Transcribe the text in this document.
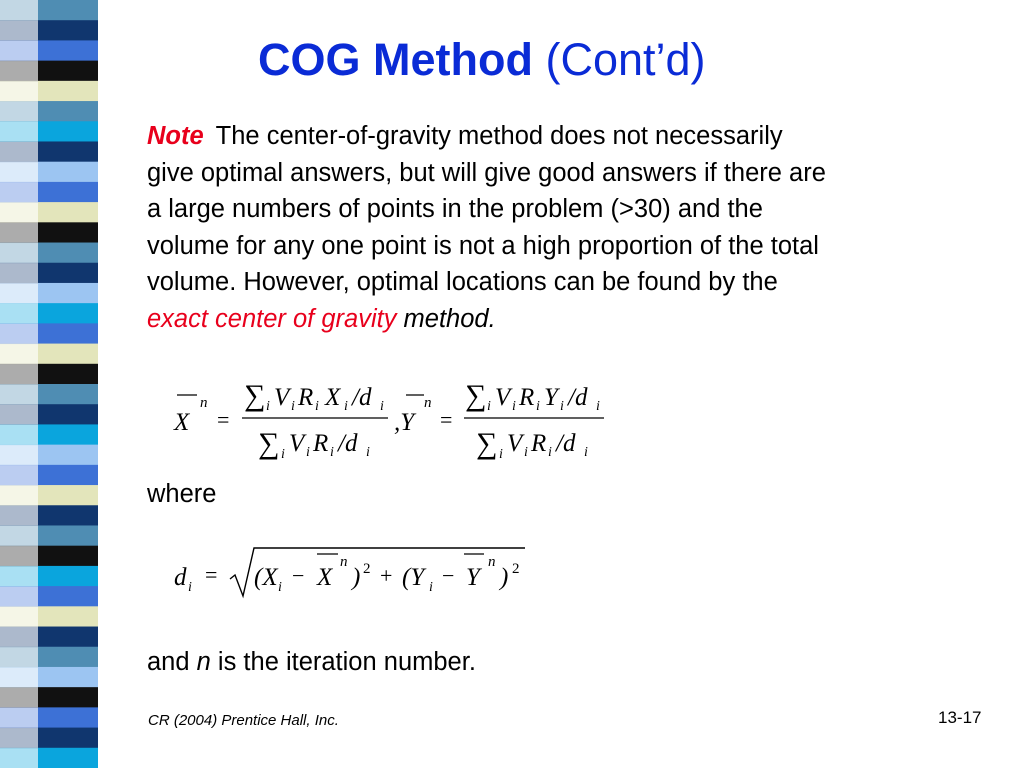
COG Method (Cont’d)
Note The center-of-gravity method does not necessarily
give optimal answers, but will give good answers if there are
a large numbers of points in the problem (>30) and the
volume for any one point is not a high proportion of the total
volume. However, optimal locations can be found by the
exact center of gravity method.
X
n
=
∑ i V i R i X i /d i
∑ i V i R i /d i
,Y
n
=
∑ i V i R i Y i /d i
∑ i V i R i /d i
where
d i
= (X i − X
n
) 2 + (Y i − Y
n
) 2
and n is the iteration number.
CR (2004) Prentice Hall, Inc.	13-17
